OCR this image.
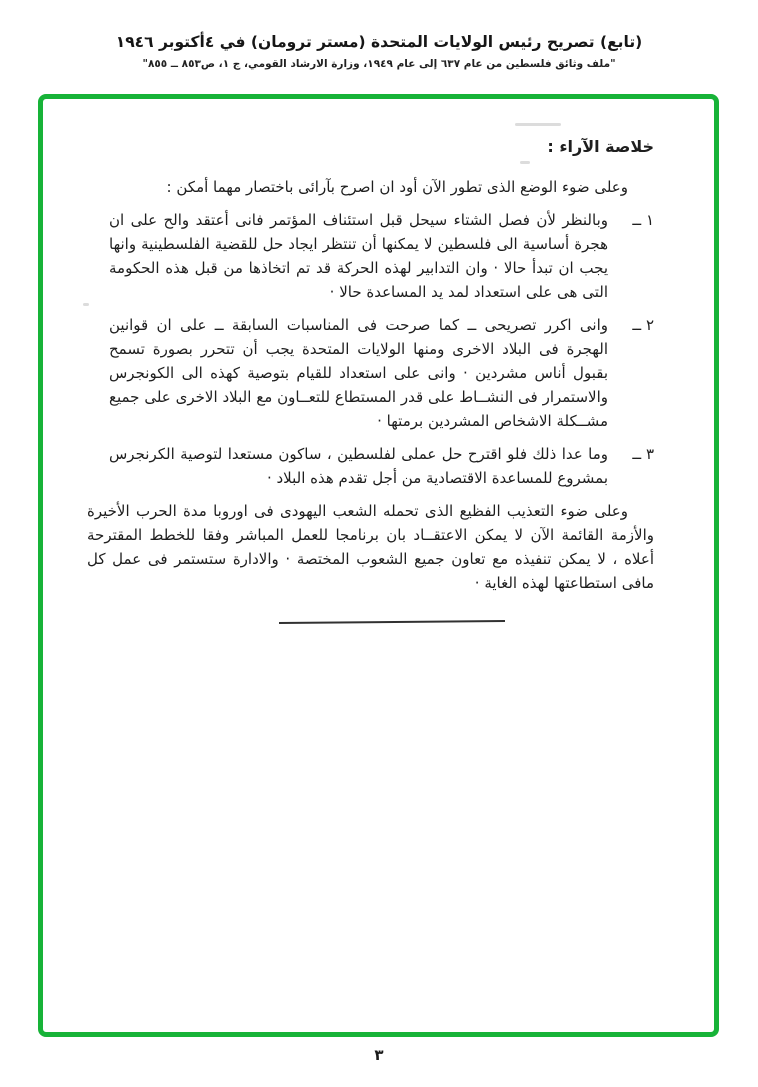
(تابع) تصريح رئيس الولايات المتحدة (مستر ترومان) في ٤أكتوبر ١٩٤٦
"ملف وثائق فلسطين من عام ٦٣٧ إلى عام ١٩٤٩، وزارة الارشاد القومي، ج ١، ص٨٥٣ ــ ٨٥٥"
خلاصة الآراء :

وعلى ضوء الوضع الذى تطور الآن أود ان اصرح بآرائى باختصار مهما أمكن :

١ ــ
وبالنظر لأن فصل الشتاء سيحل قبل استئناف المؤتمر فانى أعتقد والح على ان هجرة أساسية الى فلسطين لا يمكنها أن تنتظر ايجاد حل للقضية الفلسطينية وانها يجب ان تبدأ حالا · وان التدابير لهذه الحركة قد تم اتخاذها من قبل هذه الحكومة التى هى على استعداد لمد يد المساعدة حالا ·
٢ ــ
وانى اكرر تصريحى ــ كما صرحت فى المناسبات السابقة ــ على ان قوانين الهجرة فى البلاد الاخرى ومنها الولايات المتحدة يجب أن تتحرر بصورة تسمح بقبول أناس مشردين · وانى على استعداد للقيام بتوصية كهذه الى الكونجرس والاستمرار فى النشــاط على قدر المستطاع للتعــاون مع البلاد الاخرى على جميع مشــكلة الاشخاص المشردين برمتها ·
٣ ــ
وما عدا ذلك فلو اقترح حل عملى لفلسطين ، ساكون مستعدا لتوصية الكرنجرس بمشروع للمساعدة الاقتصادية من أجل تقدم هذه البلاد ·

وعلى ضوء التعذيب الفظيع الذى تحمله الشعب اليهودى فى اوروبا مدة الحرب الأخيرة والأزمة القائمة الآن لا يمكن الاعتقــاد بان برنامجا للعمل المباشر وفقا للخطط المقترحة أعلاه ، لا يمكن تنفيذه مع تعاون جميع الشعوب المختصة · والادارة ستستمر فى عمل كل مافى استطاعتها لهذه الغاية ·

٣
